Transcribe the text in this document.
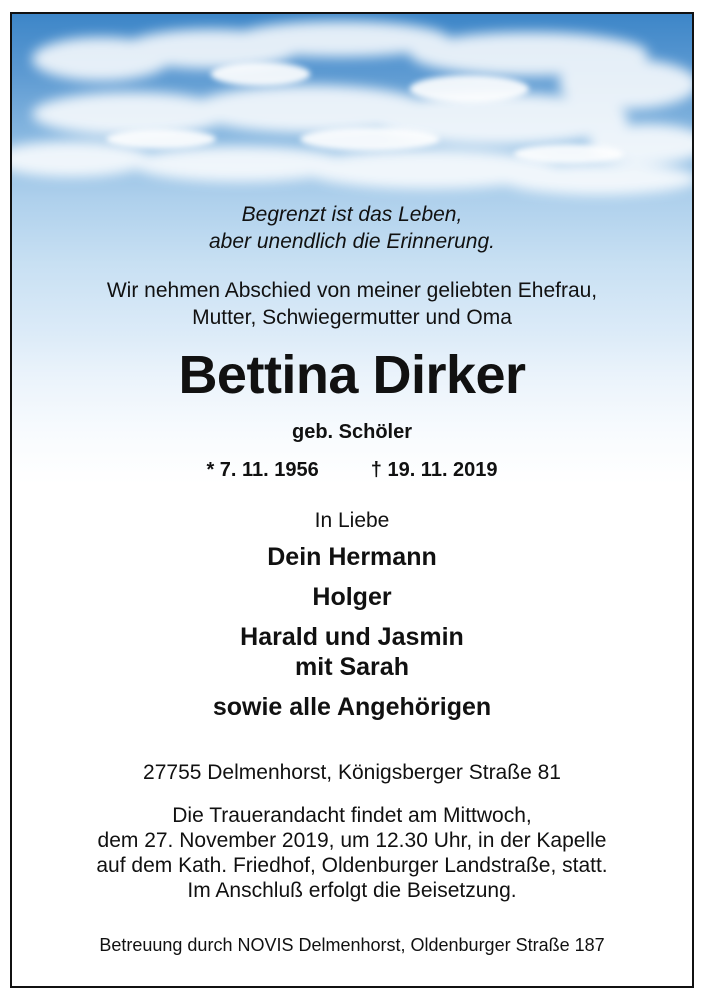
Begrenzt ist das Leben,
aber unendlich die Erinnerung.
Wir nehmen Abschied von meiner geliebten Ehefrau,
Mutter, Schwiegermutter und Oma
Bettina Dirker
geb. Schöler
* 7. 11. 1956	† 19. 11. 2019
In Liebe
Dein Hermann
Holger
Harald und Jasmin
mit Sarah
sowie alle Angehörigen
27755 Delmenhorst, Königsberger Straße 81
Die Trauerandacht findet am Mittwoch,
dem 27. November 2019, um 12.30 Uhr, in der Kapelle
auf dem Kath. Friedhof, Oldenburger Landstraße, statt.
Im Anschluß erfolgt die Beisetzung.
Betreuung durch NOVIS Delmenhorst, Oldenburger Straße 187
